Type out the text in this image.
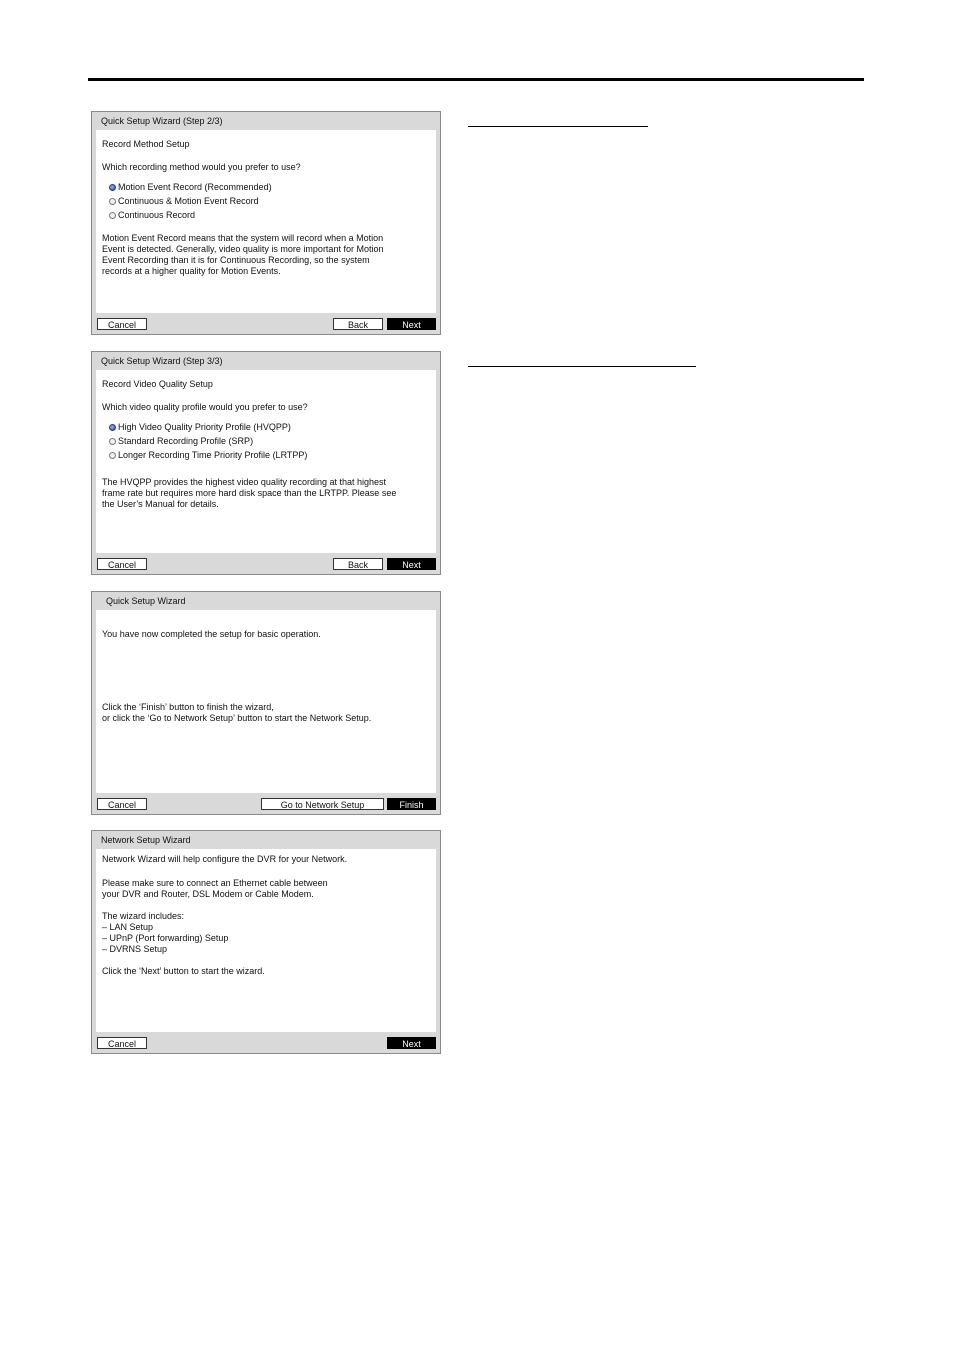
Quick Setup Wizard (Step 2/3)
Record Method Setup
Which recording method would you prefer to use?
Motion Event Record (Recommended)
Continuous & Motion Event Record
Continuous Record
Motion Event Record means that the system will record when a Motion
Event is detected. Generally, video quality is more important for Motion
Event Recording than it is for Continuous Recording, so the system
records at a higher quality for Motion Events.
Cancel	Back	Next
Quick Setup Wizard (Step 3/3)
Record Video Quality Setup
Which video quality profile would you prefer to use?
High Video Quality Priority Profile (HVQPP)
Standard Recording Profile (SRP)
Longer Recording Time Priority Profile (LRTPP)
The HVQPP provides the highest video quality recording at that highest
frame rate but requires more hard disk space than the LRTPP. Please see
the User’s Manual for details.
Cancel	Back	Next
Quick Setup Wizard
You have now completed the setup for basic operation.
Click the ‘Finish’ button to finish the wizard,
or click the ‘Go to Network Setup’ button to start the Network Setup.
Cancel	Go to Network Setup	Finish
Network Setup Wizard
Network Wizard will help configure the DVR for your Network.
Please make sure to connect an Ethernet cable between
your DVR and Router, DSL Modem or Cable Modem.
The wizard includes:
– LAN Setup
– UPnP (Port forwarding) Setup
– DVRNS Setup
Click the ‘Next’ button to start the wizard.
Cancel	Next
